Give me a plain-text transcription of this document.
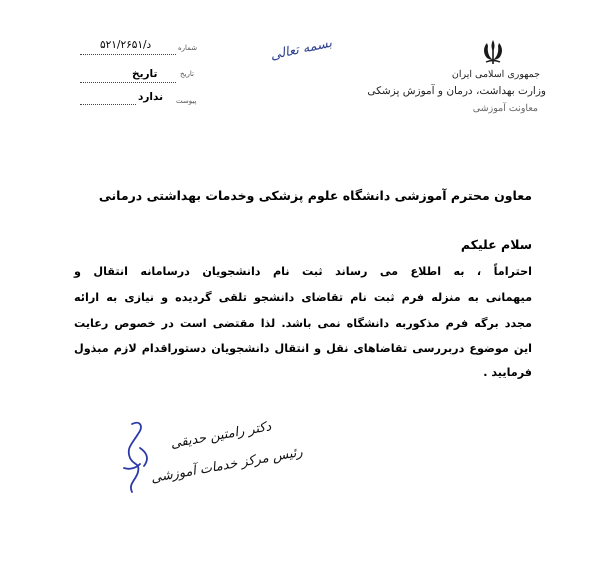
جمهوری اسلامی ایران
وزارت بهداشت، درمان و آموزش پزشکی
معاونت آموزشی
بسمه تعالی
شماره
د/۵۲۱/۲۶۵۱
تاریخ
تاریخ
پیوست
ندارد
معاون محترم آموزشی دانشگاه علوم پزشکی وخدمات بهداشتی درمانی
سلام علیکم
احتراماً ، به اطلاع می رساند ثبت نام دانشجویان درسامانه انتقال و
میهمانی به منزله فرم ثبت نام تقاضای دانشجو تلقی گردیده و نیازی به ارائه
مجدد برگه فرم مذکوربه دانشگاه نمی باشد. لذا مقتضی است در خصوص رعایت
این موضوع دربررسی تقاضاهای نقل و انتقال دانشجویان دستوراقدام لازم مبذول
فرمایید .
دکتر رامتین حدیقی
رئیس مرکز خدمات آموزشی
